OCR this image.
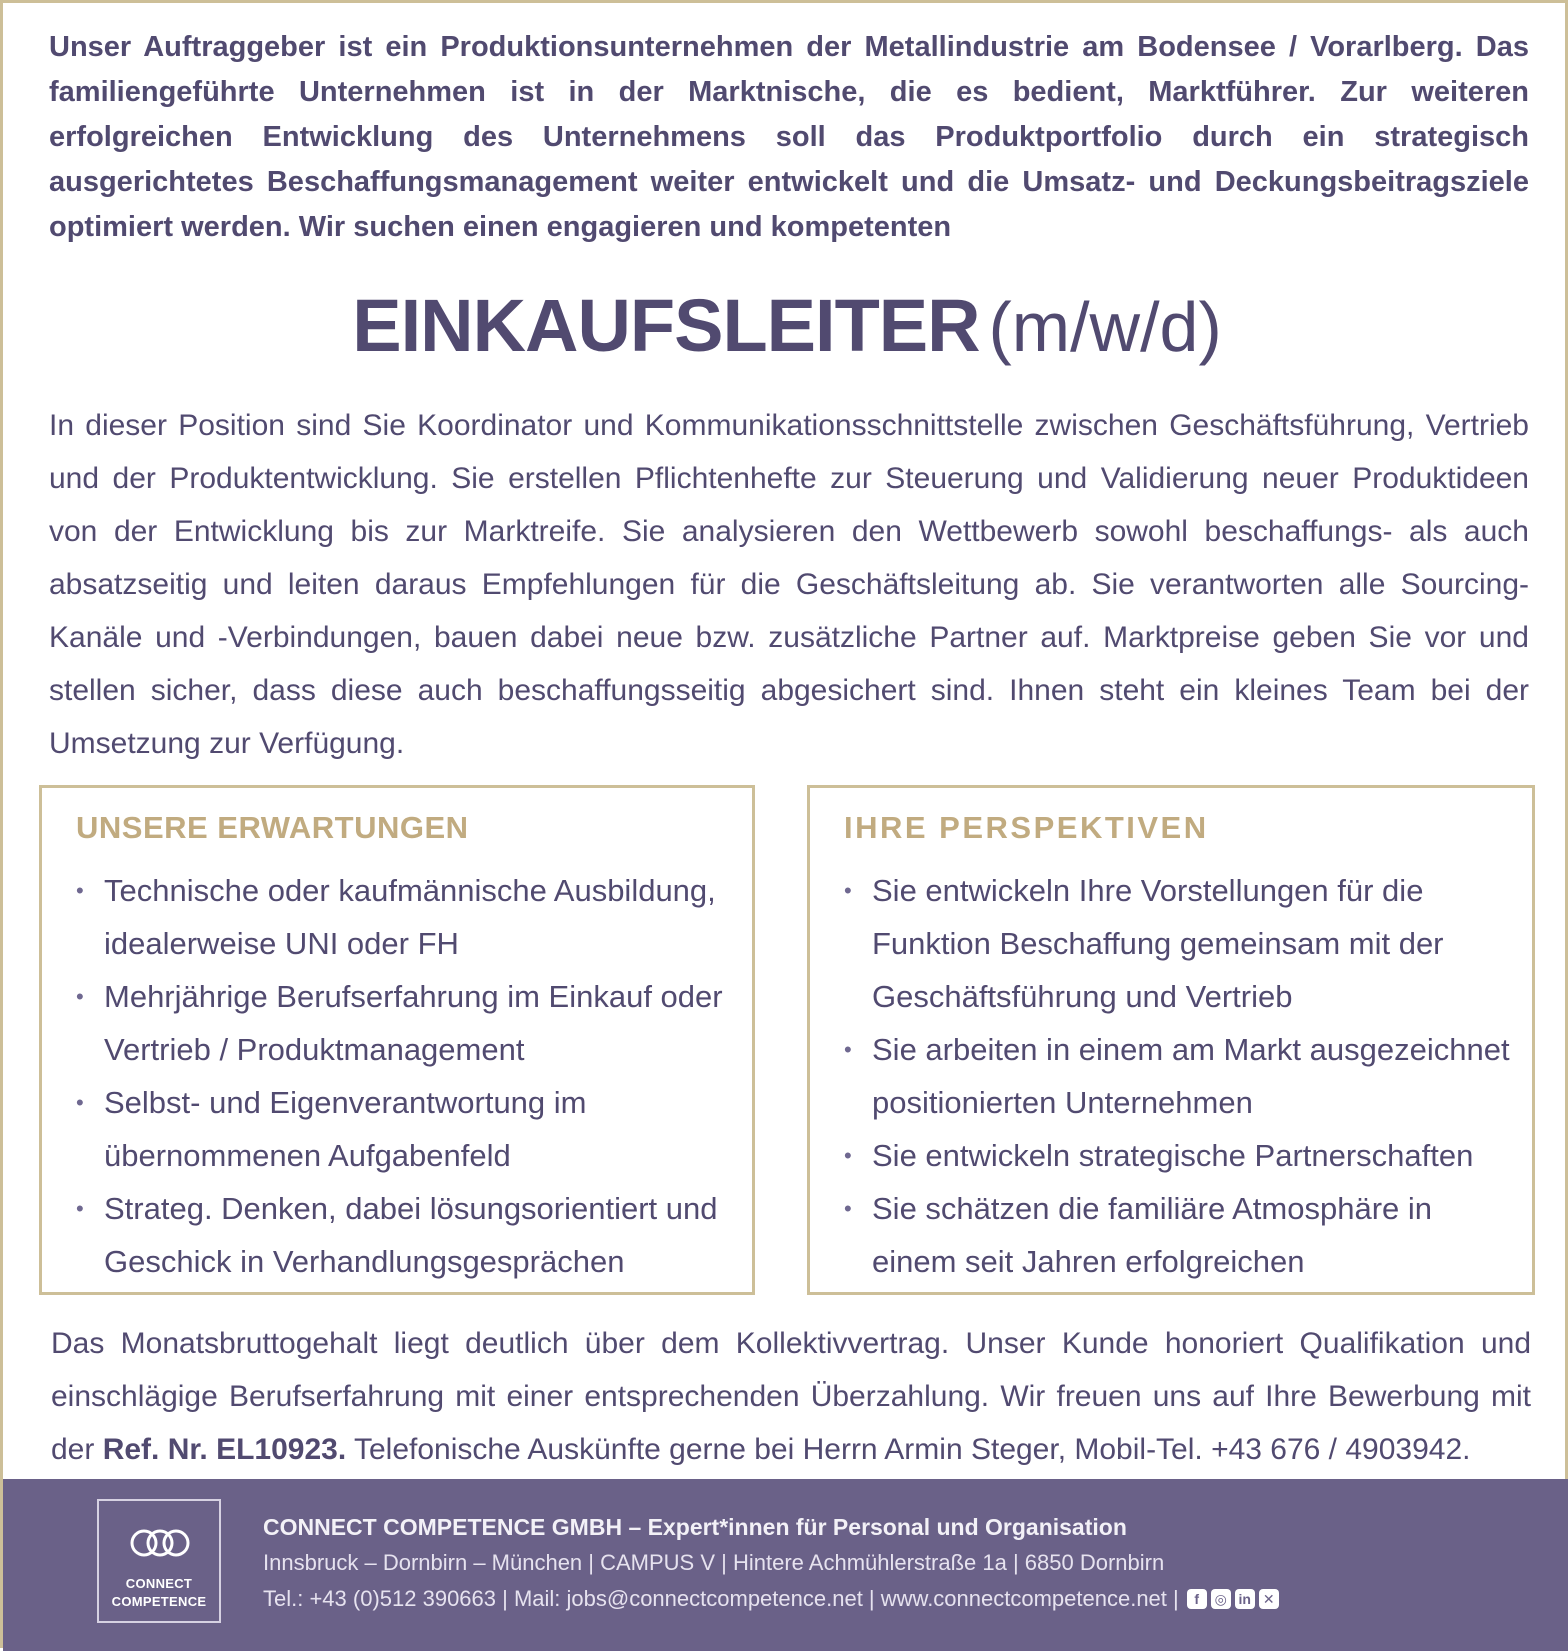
Unser Auftraggeber ist ein Produktionsunternehmen der Metallindustrie am Bodensee / Vorarlberg. Das familiengeführte Unternehmen ist in der Marktnische, die es bedient, Marktführer. Zur weiteren erfolgreichen Entwicklung des Unternehmens soll das Produktportfolio durch ein strategisch ausgerichtetes Beschaffungsmanagement weiter entwickelt und die Umsatz- und Deckungsbeitragsziele optimiert werden. Wir suchen einen engagieren und kompetenten

EINKAUFSLEITER (m/w/d)

In dieser Position sind Sie Koordinator und Kommunikationsschnittstelle zwischen Geschäftsführung, Vertrieb und der Produktentwicklung. Sie erstellen Pflichtenhefte zur Steuerung und Validierung neuer Produktideen von der Entwicklung bis zur Marktreife. Sie analysieren den Wettbewerb sowohl beschaffungs- als auch absatzseitig und leiten daraus Empfehlungen für die Geschäftsleitung ab. Sie verantworten alle Sourcing-Kanäle und -Verbindungen, bauen dabei neue bzw. zusätzliche Partner auf. Marktpreise geben Sie vor und stellen sicher, dass diese auch beschaffungsseitig abgesichert sind. Ihnen steht ein kleines Team bei der Umsetzung zur Verfügung.

UNSERE ERWARTUNGEN
• Technische oder kaufmännische Ausbildung, idealerweise UNI oder FH
• Mehrjährige Berufserfahrung im Einkauf oder Vertrieb / Produktmanagement
• Selbst- und Eigenverantwortung im übernommenen Aufgabenfeld
• Strateg. Denken, dabei lösungsorientiert und Geschick in Verhandlungsgesprächen
IHRE PERSPEKTIVEN
• Sie entwickeln Ihre Vorstellungen für die Funktion Beschaffung gemeinsam mit der Geschäftsführung und Vertrieb
• Sie arbeiten in einem am Markt ausgezeichnet positionierten Unternehmen
• Sie entwickeln strategische Partnerschaften
• Sie schätzen die familiäre Atmosphäre in einem seit Jahren erfolgreichen

Das Monatsbruttogehalt liegt deutlich über dem Kollektivvertrag. Unser Kunde honoriert Qualifikation und einschlägige Berufserfahrung mit einer entsprechenden Überzahlung. Wir freuen uns auf Ihre Bewerbung mit der Ref. Nr. EL10923. Telefonische Auskünfte gerne bei Herrn Armin Steger, Mobil-Tel. +43 676 / 4903942.

CONNECT
COMPETENCE
CONNECT COMPETENCE GMBH – Expert*innen für Personal und Organisation
Innsbruck – Dornbirn – München | CAMPUS V | Hintere Achmühlerstraße 1a | 6850 Dornbirn
Tel.: +43 (0)512 390663 | Mail: jobs@connectcompetence.net | www.connectcompetence.net |	f	◎ in ✕
